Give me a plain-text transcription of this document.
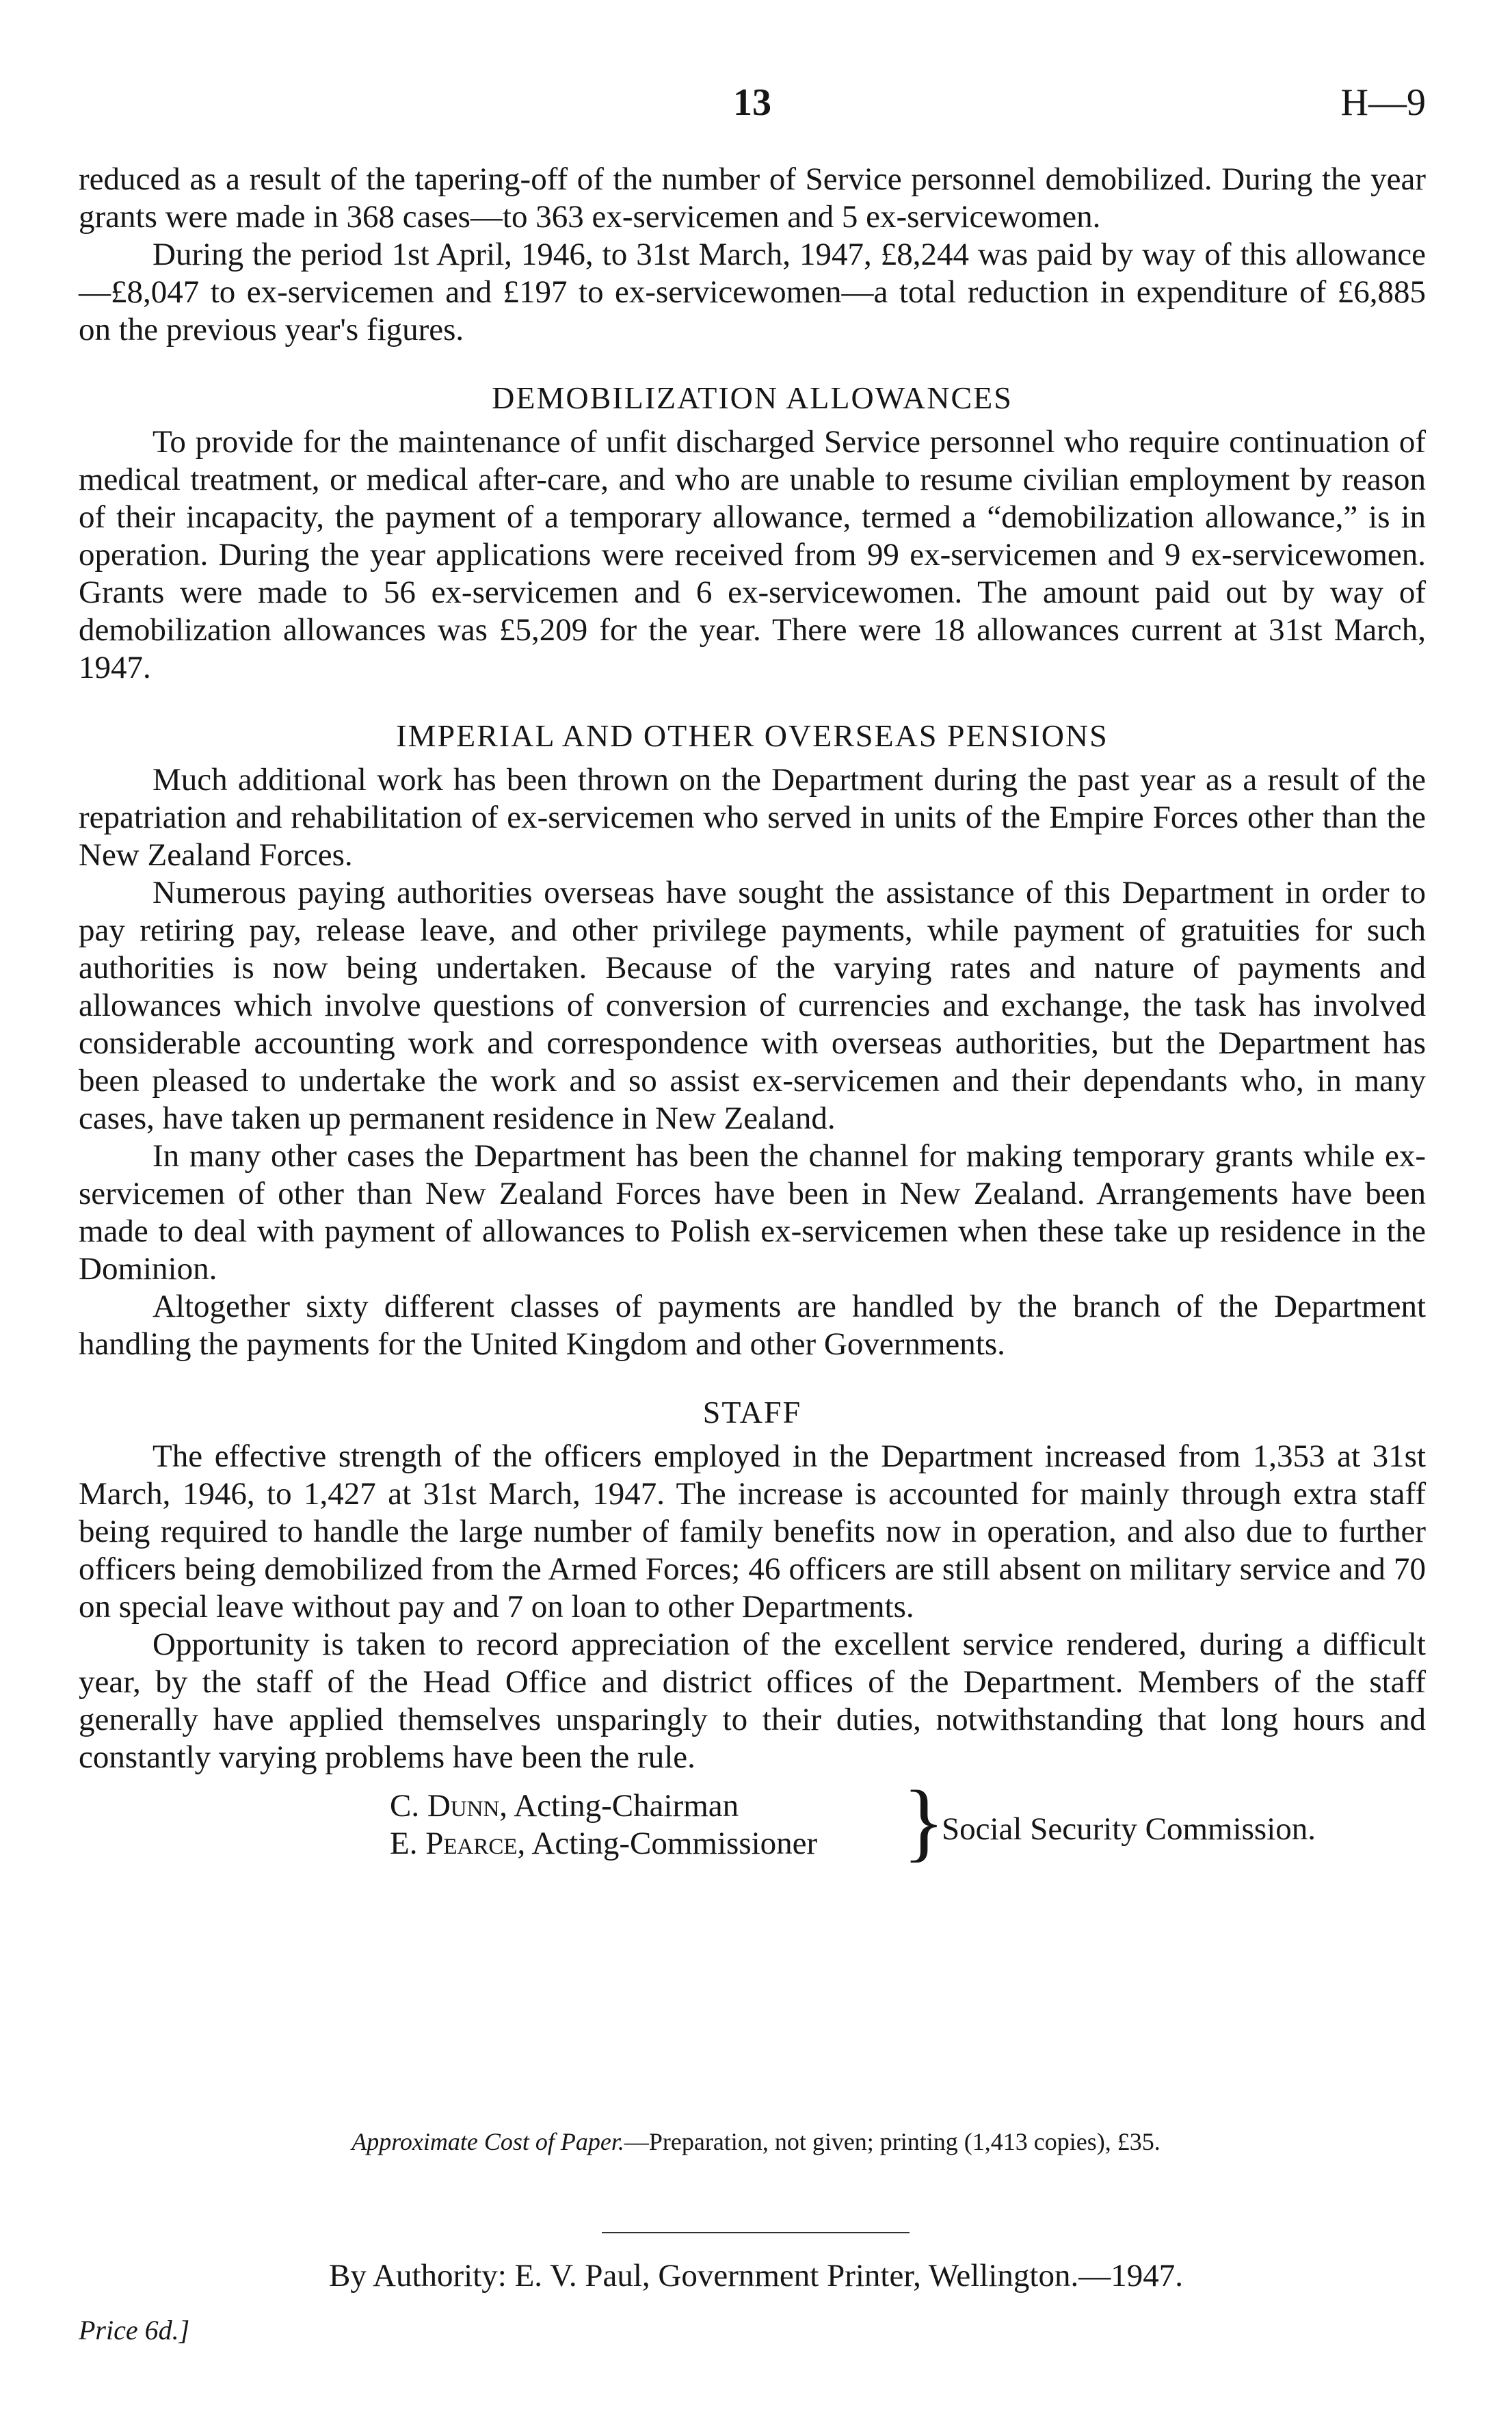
13	H—9

reduced as a result of the tapering-off of the number of Service personnel demobilized. During the year grants were made in 368 cases—to 363 ex-servicemen and 5 ex-servicewomen.

During the period 1st April, 1946, to 31st March, 1947, £8,244 was paid by way of this allowance—£8,047 to ex-servicemen and £197 to ex-servicewomen—a total reduction in expenditure of £6,885 on the previous year's figures.

DEMOBILIZATION ALLOWANCES

To provide for the maintenance of unfit discharged Service personnel who require continuation of medical treatment, or medical after-care, and who are unable to resume civilian employment by reason of their incapacity, the payment of a temporary allowance, termed a “demobilization allowance,” is in operation. During the year applications were received from 99 ex-servicemen and 9 ex-servicewomen. Grants were made to 56 ex-servicemen and 6 ex-servicewomen. The amount paid out by way of demobilization allowances was £5,209 for the year. There were 18 allowances current at 31st March, 1947.

IMPERIAL AND OTHER OVERSEAS PENSIONS

Much additional work has been thrown on the Department during the past year as a result of the repatriation and rehabilitation of ex-servicemen who served in units of the Empire Forces other than the New Zealand Forces.

Numerous paying authorities overseas have sought the assistance of this Department in order to pay retiring pay, release leave, and other privilege payments, while payment of gratuities for such authorities is now being undertaken. Because of the varying rates and nature of payments and allowances which involve questions of conversion of currencies and exchange, the task has involved considerable accounting work and correspondence with overseas authorities, but the Department has been pleased to undertake the work and so assist ex-servicemen and their dependants who, in many cases, have taken up permanent residence in New Zealand.

In many other cases the Department has been the channel for making temporary grants while ex-servicemen of other than New Zealand Forces have been in New Zealand. Arrangements have been made to deal with payment of allowances to Polish ex-servicemen when these take up residence in the Dominion.

Altogether sixty different classes of payments are handled by the branch of the Department handling the payments for the United Kingdom and other Governments.

STAFF

The effective strength of the officers employed in the Department increased from 1,353 at 31st March, 1946, to 1,427 at 31st March, 1947. The increase is accounted for mainly through extra staff being required to handle the large number of family benefits now in operation, and also due to further officers being demobilized from the Armed Forces; 46 officers are still absent on military service and 70 on special leave without pay and 7 on loan to other Departments.

Opportunity is taken to record appreciation of the excellent service rendered, during a difficult year, by the staff of the Head Office and district offices of the Department. Members of the staff generally have applied themselves unsparingly to their duties, notwithstanding that long hours and constantly varying problems have been the rule.

C. Dunn, Acting-Chairman
E. Pearce, Acting-Commissioner }
Social Security Commission.
Approximate Cost of Paper.—Preparation, not given; printing (1,413 copies), £35.
By Authority: E. V. Paul, Government Printer, Wellington.—1947.
Price 6d.]
